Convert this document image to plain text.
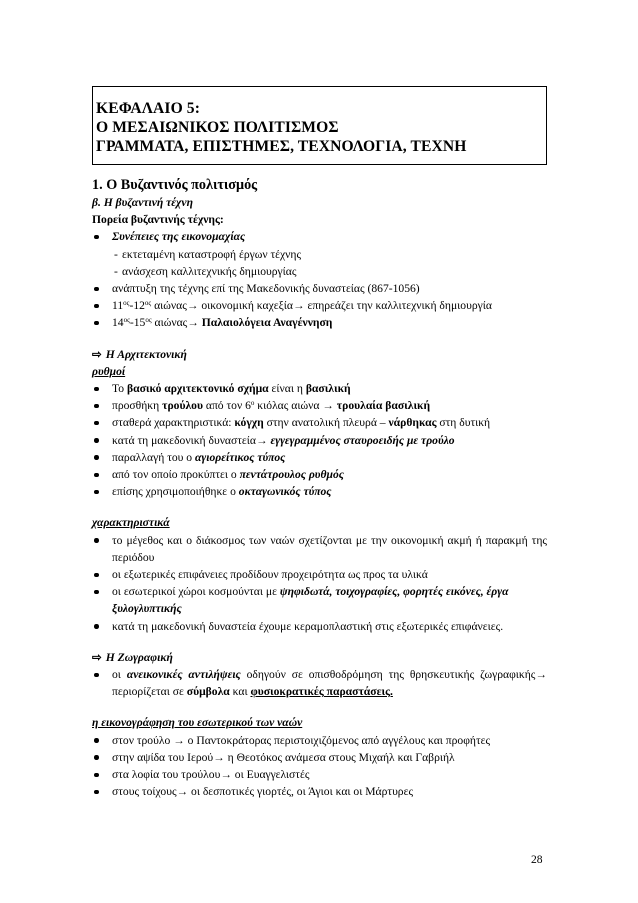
ΚΕΦΑΛΑΙΟ 5:
Ο ΜΕΣΑΙΩΝΙΚΟΣ ΠΟΛΙΤΙΣΜΟΣ
ΓΡΑΜΜΑΤΑ, ΕΠΙΣΤΗΜΕΣ, ΤΕΧΝΟΛΟΓΙΑ, ΤΕΧΝΗ
1. Ο Βυζαντινός πολιτισμός
β. Η βυζαντινή τέχνη
Πορεία βυζαντινής τέχνης:
Συνέπειες της εικονομαχίας
- εκτεταμένη καταστροφή έργων τέχνης
- ανάσχεση καλλιτεχνικής δημιουργίας
ανάπτυξη της τέχνης επί της Μακεδονικής δυναστείας (867-1056)
$11^{o\varsigma}-12^{o\varsigma}$ αιώνας→ οικονομική καχεξία→ επηρεάζει την καλλιτεχνική δημιουργία
$14^{o\varsigma}-15^{o\varsigma}$ αιώνας→ Παλαιολόγεια Αναγέννηση
⇨ Η Αρχιτεκτονική
ρυθμοί
Το βασικό αρχιτεκτονικό σχήμα είναι η βασιλική
προσθήκη τρούλου από τον $6^o$ κιόλας αιώνα → τρουλαία βασιλική
σταθερά χαρακτηριστικά: κόγχη στην ανατολική πλευρά – νάρθηκας στη δυτική
κατά τη μακεδονική δυναστεία→ εγγεγραμμένος σταυροειδής με τρούλο
παραλλαγή του ο αγιορείτικος τύπος
από τον οποίο προκύπτει ο πεντάτρουλος ρυθμός
επίσης χρησιμοποιήθηκε ο οκταγωνικός τύπος
χαρακτηριστικά
το μέγεθος και ο διάκοσμος των ναών σχετίζονται με την οικονομική ακμή ή παρακμή της περιόδου
οι εξωτερικές επιφάνειες προδίδουν προχειρότητα ως προς τα υλικά
οι εσωτερικοί χώροι κοσμούνται με ψηφιδωτά, τοιχογραφίες, φορητές εικόνες, έργα ξυλογλυπτικής
κατά τη μακεδονική δυναστεία έχουμε κεραμοπλαστική στις εξωτερικές επιφάνειες.
⇨ Η Ζωγραφική
οι ανεικονικές αντιλήψεις οδηγούν σε οπισθοδρόμηση της θρησκευτικής ζωγραφικής→ περιορίζεται σε σύμβολα και φυσιοκρατικές παραστάσεις.
η εικονογράφηση του εσωτερικού των ναών
στον τρούλο → ο Παντοκράτορας περιστοιχιζόμενος από αγγέλους και προφήτες
στην αψίδα του Ιερού→ η Θεοτόκος ανάμεσα στους Μιχαήλ και Γαβριήλ
στα λοφία του τρούλου→ οι Ευαγγελιστές
στους τοίχους→ οι δεσποτικές γιορτές, οι Άγιοι και οι Μάρτυρες
28
